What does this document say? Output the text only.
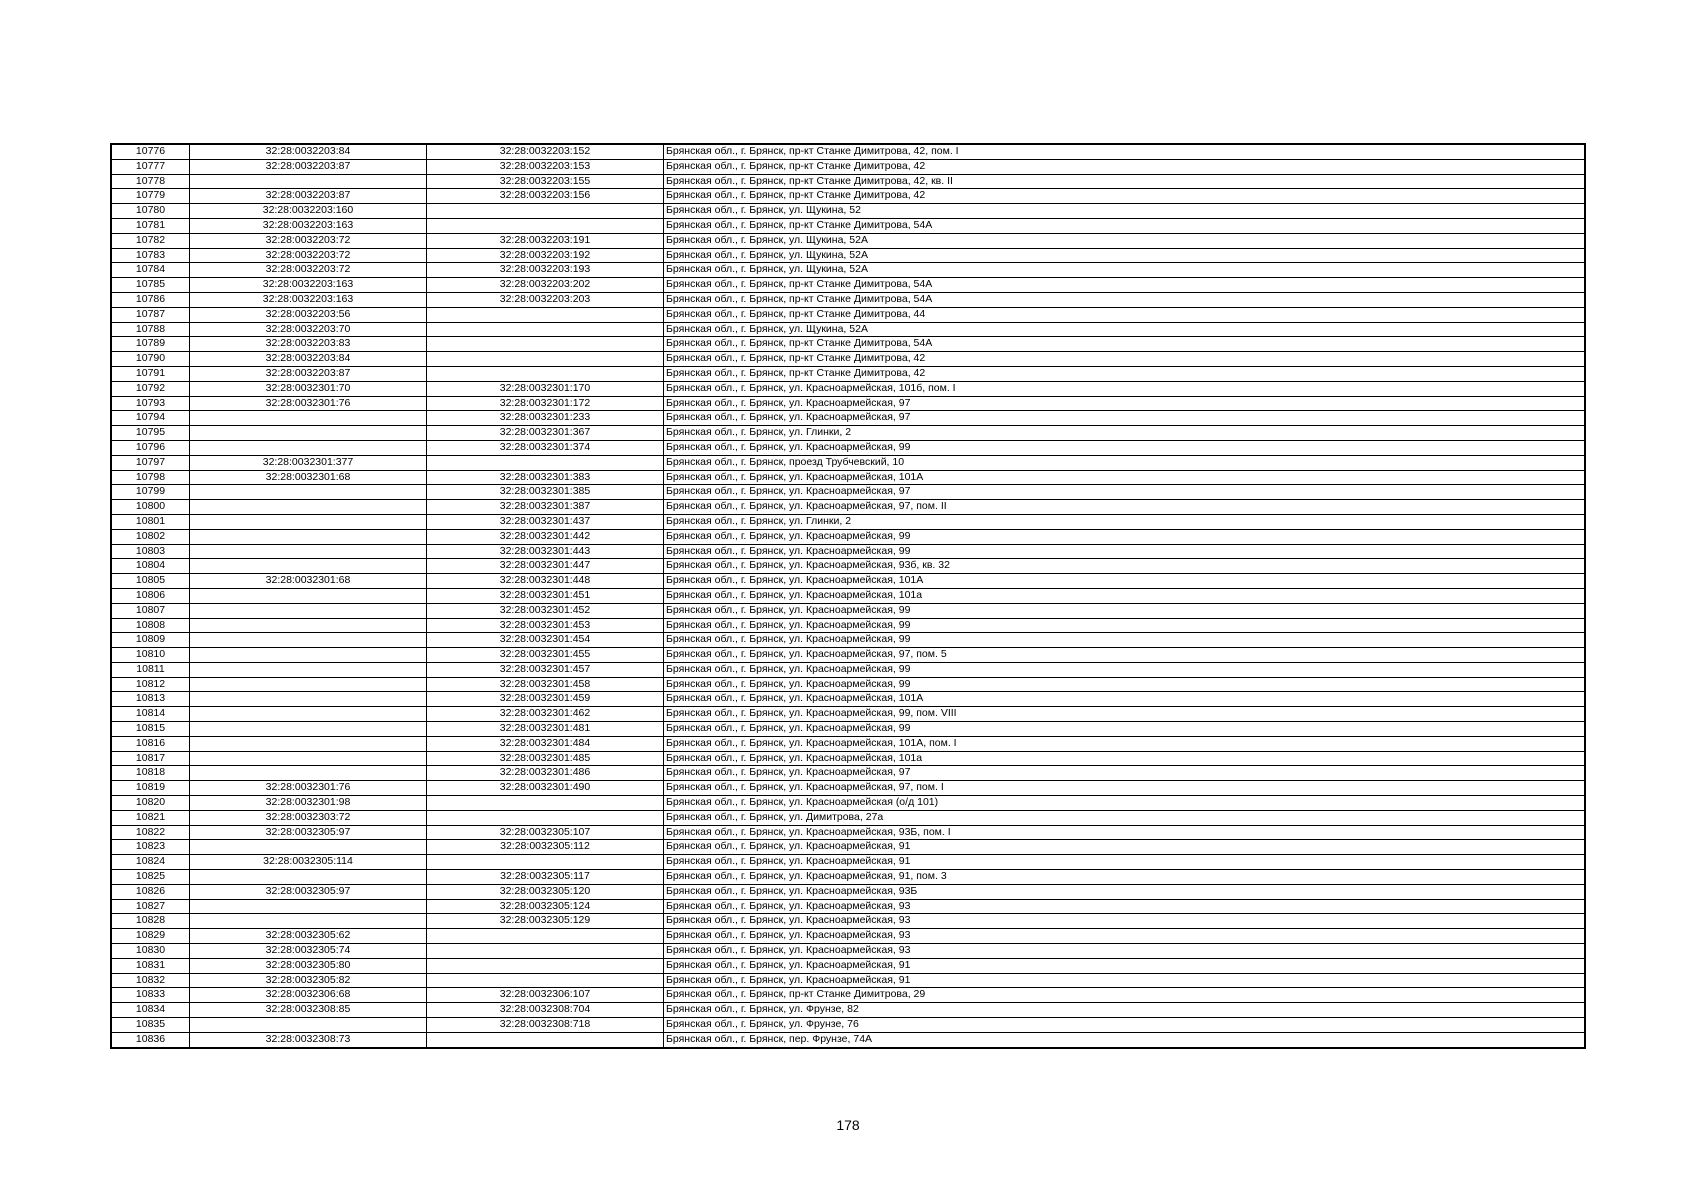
10776	32:28:0032203:84	32:28:0032203:152	Брянская обл., г. Брянск, пр-кт Станке Димитрова, 42, пом. I
10777	32:28:0032203:87	32:28:0032203:153	Брянская обл., г. Брянск, пр-кт Станке Димитрова, 42
10778		32:28:0032203:155	Брянская обл., г. Брянск, пр-кт Станке Димитрова, 42, кв. II
10779	32:28:0032203:87	32:28:0032203:156	Брянская обл., г. Брянск, пр-кт Станке Димитрова, 42
10780	32:28:0032203:160		Брянская обл., г. Брянск, ул. Щукина, 52
10781	32:28:0032203:163		Брянская обл., г. Брянск, пр-кт Станке Димитрова, 54А
10782	32:28:0032203:72	32:28:0032203:191	Брянская обл., г. Брянск, ул. Щукина, 52А
10783	32:28:0032203:72	32:28:0032203:192	Брянская обл., г. Брянск, ул. Щукина, 52А
10784	32:28:0032203:72	32:28:0032203:193	Брянская обл., г. Брянск, ул. Щукина, 52А
10785	32:28:0032203:163	32:28:0032203:202	Брянская обл., г. Брянск, пр-кт Станке Димитрова, 54А
10786	32:28:0032203:163	32:28:0032203:203	Брянская обл., г. Брянск, пр-кт Станке Димитрова, 54А
10787	32:28:0032203:56		Брянская обл., г. Брянск, пр-кт Станке Димитрова, 44
10788	32:28:0032203:70		Брянская обл., г. Брянск, ул. Щукина, 52А
10789	32:28:0032203:83		Брянская обл., г. Брянск, пр-кт Станке Димитрова, 54А
10790	32:28:0032203:84		Брянская обл., г. Брянск, пр-кт Станке Димитрова, 42
10791	32:28:0032203:87		Брянская обл., г. Брянск, пр-кт Станке Димитрова, 42
10792	32:28:0032301:70	32:28:0032301:170	Брянская обл., г. Брянск, ул. Красноармейская, 101б, пом. I
10793	32:28:0032301:76	32:28:0032301:172	Брянская обл., г. Брянск, ул. Красноармейская, 97
10794		32:28:0032301:233	Брянская обл., г. Брянск, ул. Красноармейская, 97
10795		32:28:0032301:367	Брянская обл., г. Брянск, ул. Глинки, 2
10796		32:28:0032301:374	Брянская обл., г. Брянск, ул. Красноармейская, 99
10797	32:28:0032301:377		Брянская обл., г. Брянск, проезд Трубчевский, 10
10798	32:28:0032301:68	32:28:0032301:383	Брянская обл., г. Брянск, ул. Красноармейская, 101А
10799		32:28:0032301:385	Брянская обл., г. Брянск, ул. Красноармейская, 97
10800		32:28:0032301:387	Брянская обл., г. Брянск, ул. Красноармейская, 97, пом. II
10801		32:28:0032301:437	Брянская обл., г. Брянск, ул. Глинки, 2
10802		32:28:0032301:442	Брянская обл., г. Брянск, ул. Красноармейская, 99
10803		32:28:0032301:443	Брянская обл., г. Брянск, ул. Красноармейская, 99
10804		32:28:0032301:447	Брянская обл., г. Брянск, ул. Красноармейская, 93б, кв. 32
10805	32:28:0032301:68	32:28:0032301:448	Брянская обл., г. Брянск, ул. Красноармейская, 101А
10806		32:28:0032301:451	Брянская обл., г. Брянск, ул. Красноармейская, 101а
10807		32:28:0032301:452	Брянская обл., г. Брянск, ул. Красноармейская, 99
10808		32:28:0032301:453	Брянская обл., г. Брянск, ул. Красноармейская, 99
10809		32:28:0032301:454	Брянская обл., г. Брянск, ул. Красноармейская, 99
10810		32:28:0032301:455	Брянская обл., г. Брянск, ул. Красноармейская, 97, пом. 5
10811		32:28:0032301:457	Брянская обл., г. Брянск, ул. Красноармейская, 99
10812		32:28:0032301:458	Брянская обл., г. Брянск, ул. Красноармейская, 99
10813		32:28:0032301:459	Брянская обл., г. Брянск, ул. Красноармейская, 101А
10814		32:28:0032301:462	Брянская обл., г. Брянск, ул. Красноармейская, 99, пом. VIII
10815		32:28:0032301:481	Брянская обл., г. Брянск, ул. Красноармейская, 99
10816		32:28:0032301:484	Брянская обл., г. Брянск, ул. Красноармейская, 101А, пом. I
10817		32:28:0032301:485	Брянская обл., г. Брянск, ул. Красноармейская, 101а
10818		32:28:0032301:486	Брянская обл., г. Брянск, ул. Красноармейская, 97
10819	32:28:0032301:76	32:28:0032301:490	Брянская обл., г. Брянск, ул. Красноармейская, 97, пом. I
10820	32:28:0032301:98		Брянская обл., г. Брянск, ул. Красноармейская (о/д 101)
10821	32:28:0032303:72		Брянская обл., г. Брянск, ул. Димитрова, 27а
10822	32:28:0032305:97	32:28:0032305:107	Брянская обл., г. Брянск, ул. Красноармейская, 93Б, пом. I
10823		32:28:0032305:112	Брянская обл., г. Брянск, ул. Красноармейская, 91
10824	32:28:0032305:114		Брянская обл., г. Брянск, ул. Красноармейская, 91
10825		32:28:0032305:117	Брянская обл., г. Брянск, ул. Красноармейская, 91, пом. 3
10826	32:28:0032305:97	32:28:0032305:120	Брянская обл., г. Брянск, ул. Красноармейская, 93Б
10827		32:28:0032305:124	Брянская обл., г. Брянск, ул. Красноармейская, 93
10828		32:28:0032305:129	Брянская обл., г. Брянск, ул. Красноармейская, 93
10829	32:28:0032305:62		Брянская обл., г. Брянск, ул. Красноармейская, 93
10830	32:28:0032305:74		Брянская обл., г. Брянск, ул. Красноармейская, 93
10831	32:28:0032305:80		Брянская обл., г. Брянск, ул. Красноармейская, 91
10832	32:28:0032305:82		Брянская обл., г. Брянск, ул. Красноармейская, 91
10833	32:28:0032306:68	32:28:0032306:107	Брянская обл., г. Брянск, пр-кт Станке Димитрова, 29
10834	32:28:0032308:85	32:28:0032308:704	Брянская обл., г. Брянск, ул. Фрунзе, 82
10835		32:28:0032308:718	Брянская обл., г. Брянск, ул. Фрунзе, 76
10836	32:28:0032308:73		Брянская обл., г. Брянск, пер. Фрунзе, 74А
178
